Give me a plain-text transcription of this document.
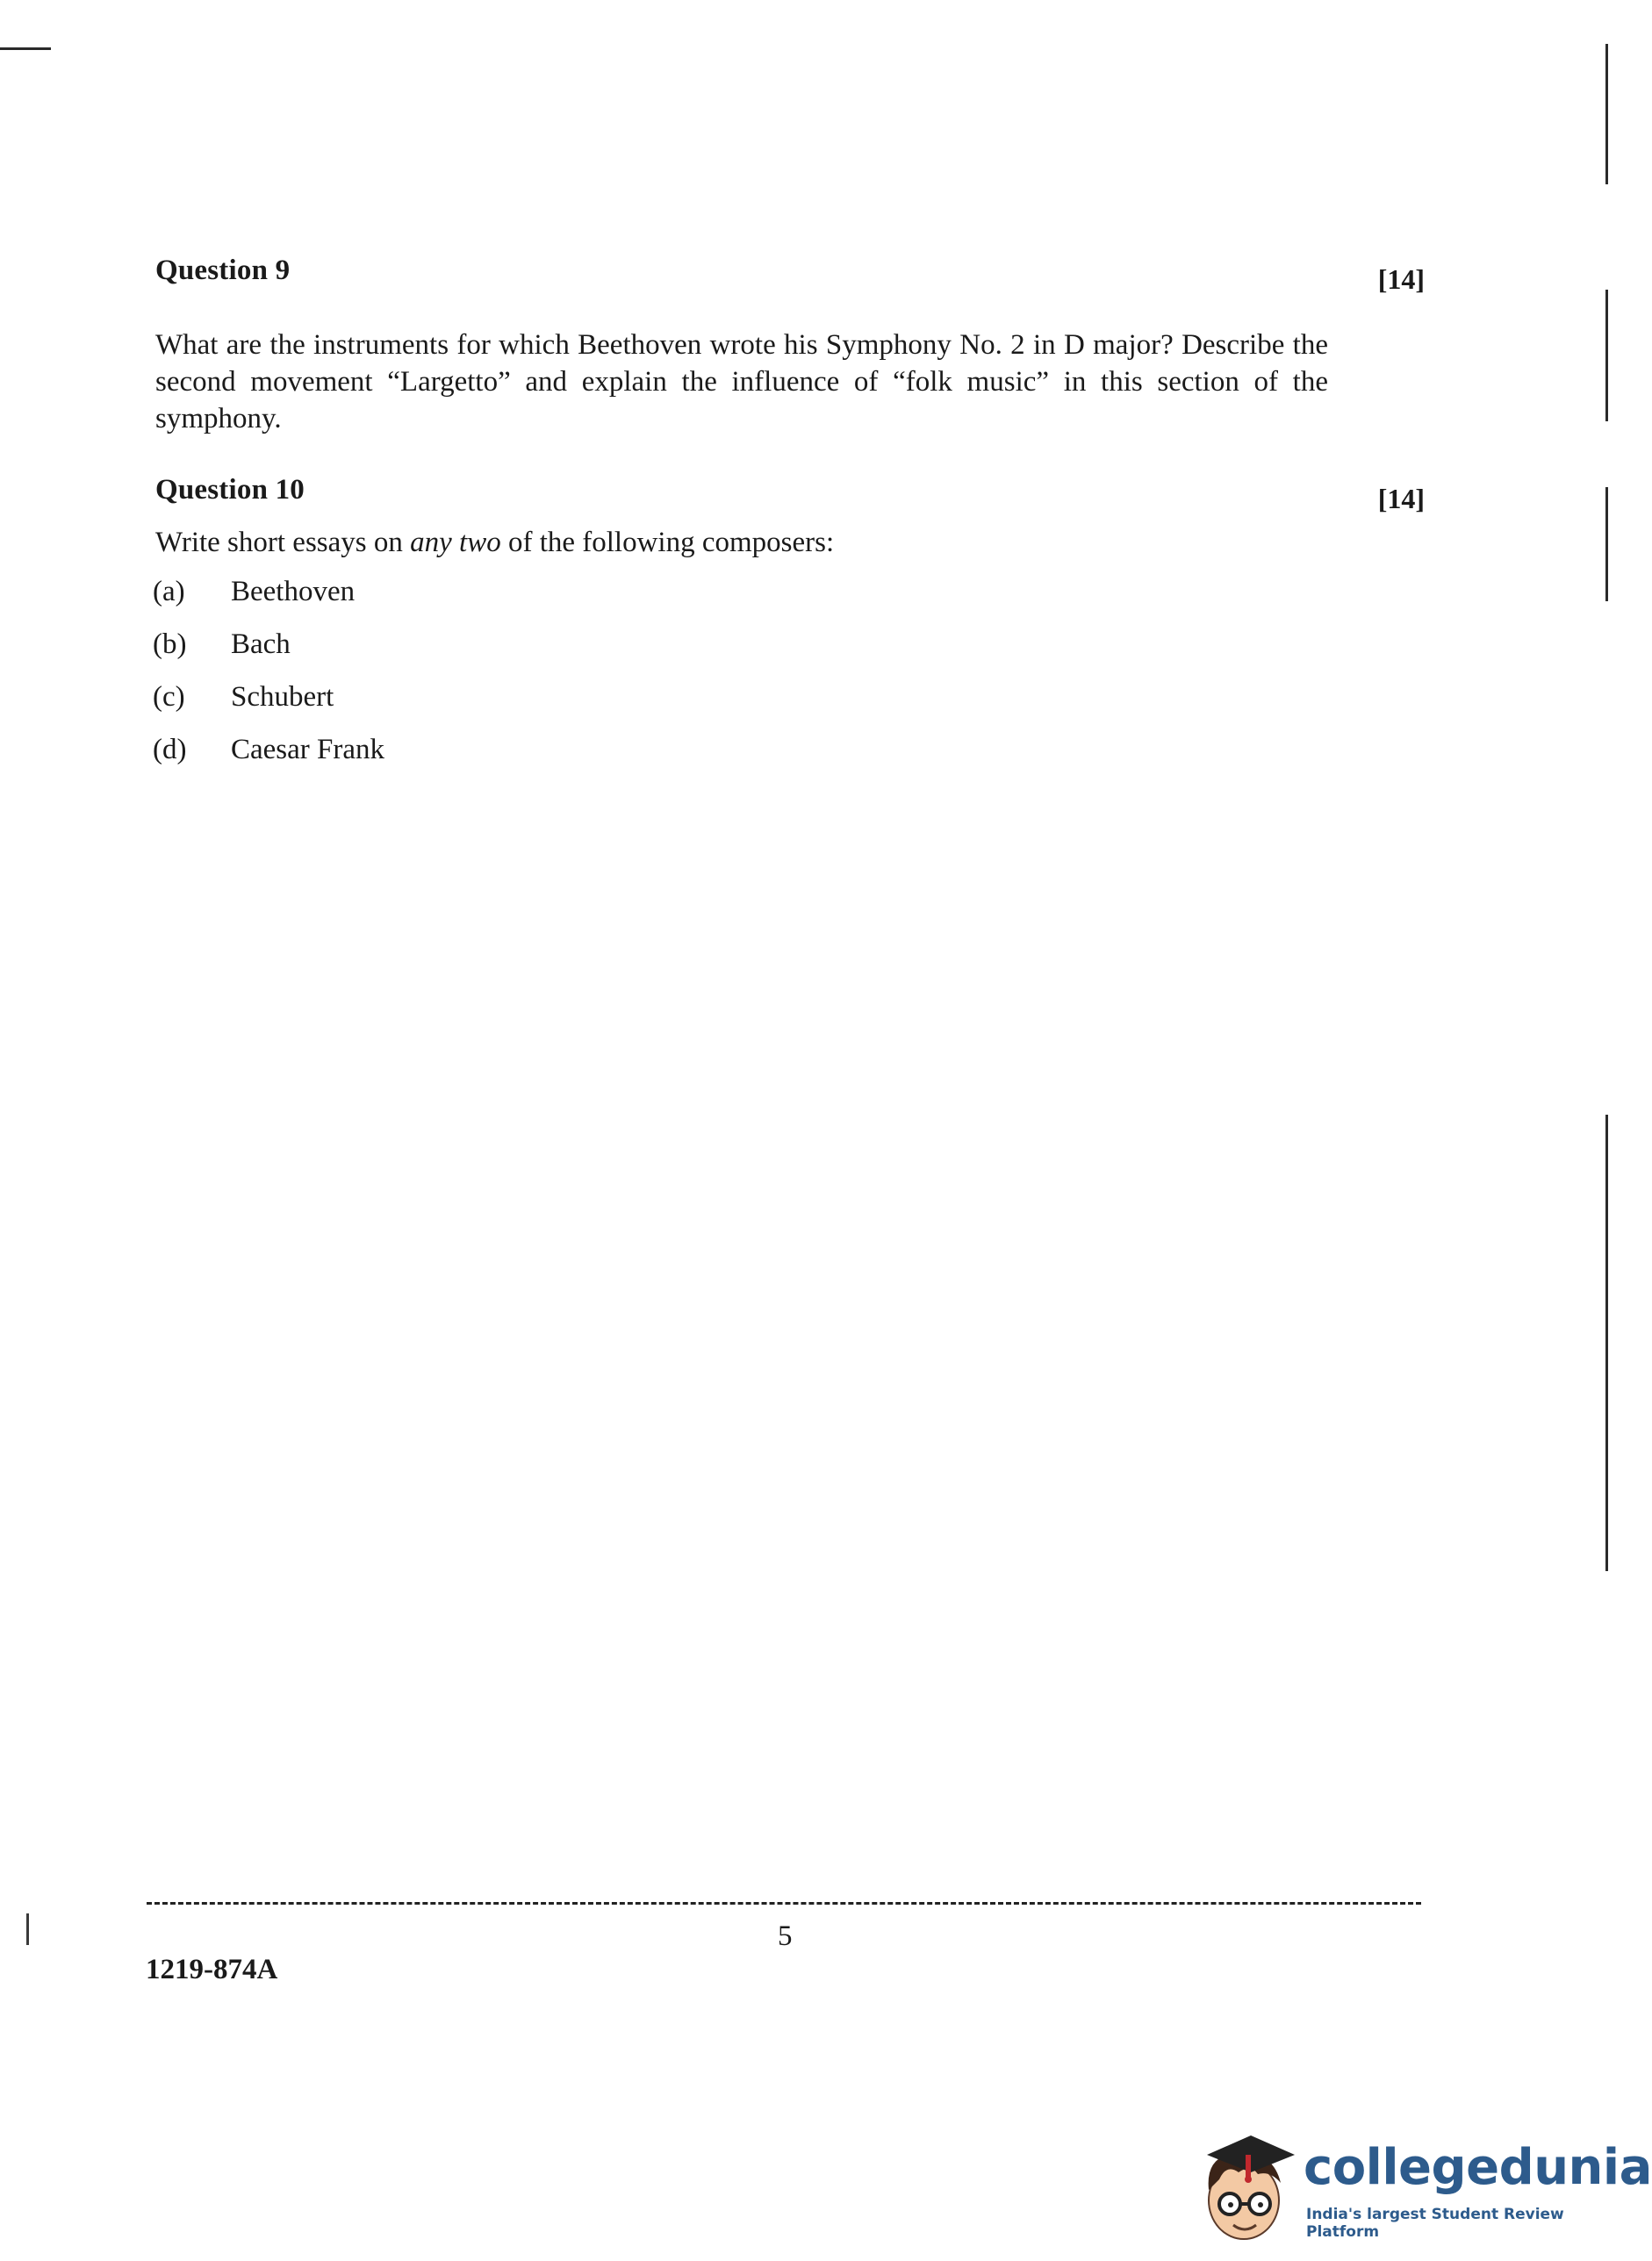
Question 9	[14]
What are the instruments for which Beethoven wrote his Symphony No. 2 in D major? Describe the second movement “Largetto” and explain the influence of “folk music” in this section of the symphony.
Question 10	[14]
Write short essays on any two of the following composers:
(a)	Beethoven
(b)	Bach
(c)	Schubert
(d)	Caesar Frank
5
1219-874A
collegedunia
India's largest Student Review Platform
